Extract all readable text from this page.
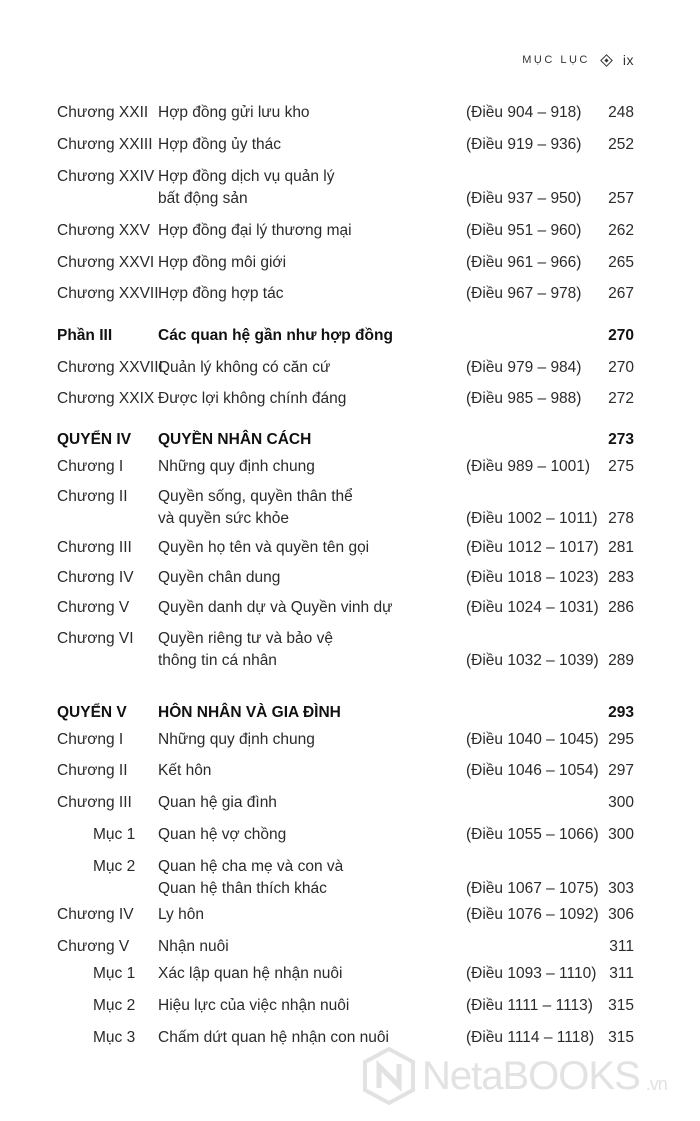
MỤC LỤC ix
Chương XXII Hợp đồng gửi lưu kho	(Điều 904 – 918) 248
Chương XXIII Hợp đồng ủy thác	(Điều 919 – 936) 252
Chương XXIV Hợp đồng dịch vụ quản lý
bất động sản	(Điều 937 – 950) 257
Chương XXV Hợp đồng đại lý thương mại	(Điều 951 – 960) 262
Chương XXVI Hợp đồng môi giới	(Điều 961 – 966) 265
Chương XXVII Hợp đồng hợp tác	(Điều 967 – 978) 267
Phần III	Các quan hệ gần như hợp đồng	270
Chương XXVIII
Quản lý không có căn cứ	(Điều 979 – 984) 270
Chương XXIX Được lợi không chính đáng	(Điều 985 – 988) 272
QUYỂN IV QUYỀN NHÂN CÁCH	273
Chương I Những quy định chung	(Điều 989 – 1001) 275
Chương II Quyền sống, quyền thân thể
và quyền sức khỏe	(Điều 1002 – 1011) 278
Chương III Quyền họ tên và quyền tên gọi	(Điều 1012 – 1017) 281
Chương IV Quyền chân dung	(Điều 1018 – 1023) 283
Chương V Quyền danh dự và Quyền vinh dự	(Điều 1024 – 1031) 286
Chương VI Quyền riêng tư và bảo vệ
thông tin cá nhân	(Điều 1032 – 1039) 289
QUYỂN V HÔN NHÂN VÀ GIA ĐÌNH	293
Chương I Những quy định chung	(Điều 1040 – 1045) 295
Chương II Kết hôn	(Điều 1046 – 1054) 297
Chương III Quan hệ gia đình	300
Mục 1 Quan hệ vợ chồng	(Điều 1055 – 1066) 300
Mục 2 Quan hệ cha mẹ và con và
Quan hệ thân thích khác	(Điều 1067 – 1075) 303
Chương IV Ly hôn	(Điều 1076 – 1092) 306
Chương V Nhận nuôi	311
Mục 1 Xác lập quan hệ nhận nuôi	(Điều 1093 – 1110) 311
Mục 2 Hiệu lực của việc nhận nuôi	(Điều 1111 – 1113) 315
Mục 3 Chấm dứt quan hệ nhận con nuôi	(Điều 1114 – 1118) 315
NetaBOOKS .vn
